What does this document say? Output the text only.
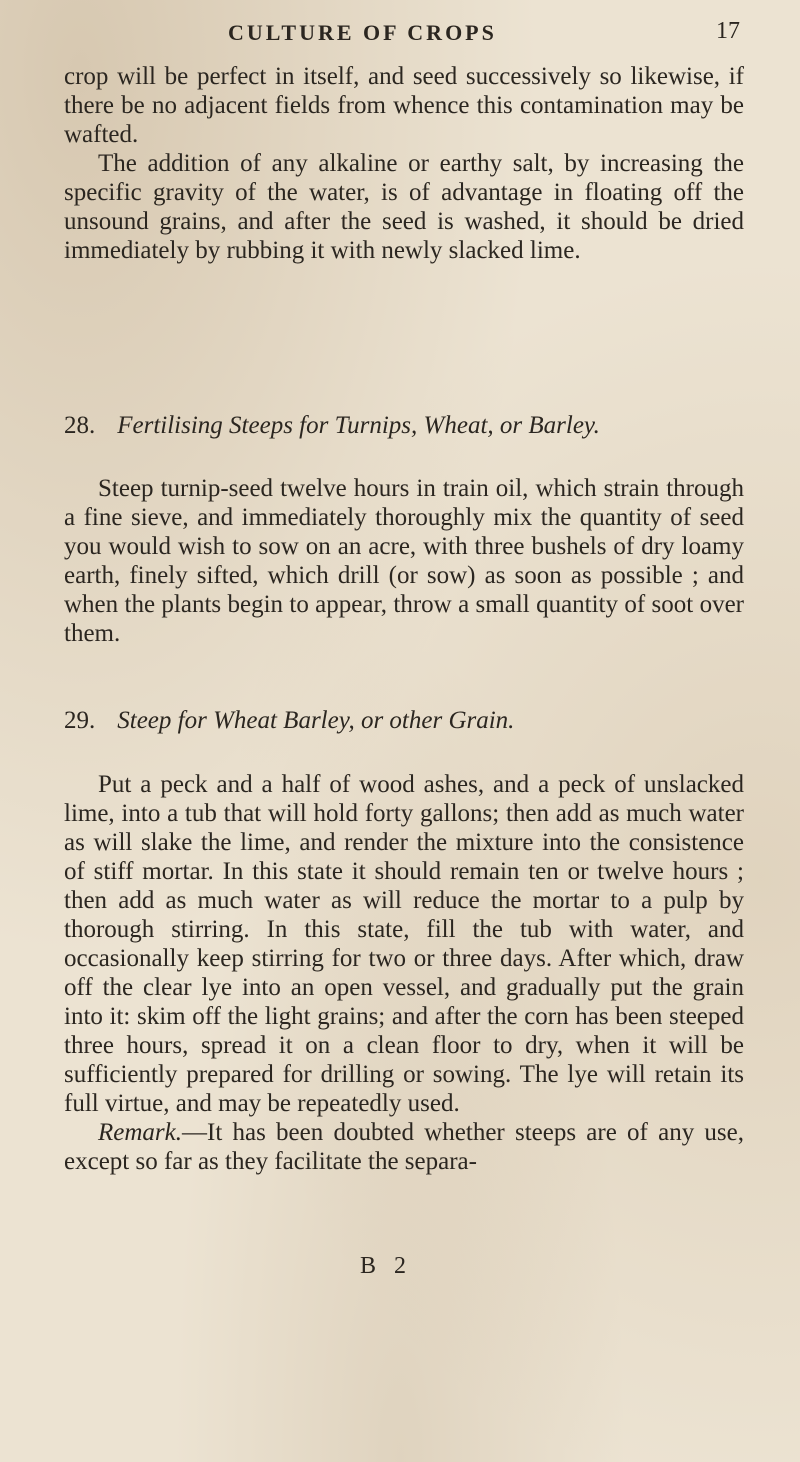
CULTURE OF CROPS	17

crop will be perfect in itself, and seed successively so likewise, if there be no adjacent fields from whence this contamination may be wafted.

The addition of any alkaline or earthy salt, by increasing the specific gravity of the water, is of advantage in floating off the unsound grains, and after the seed is washed, it should be dried immediately by rubbing it with newly slacked lime.

28. Fertilising Steeps for Turnips, Wheat, or Barley.

Steep turnip-seed twelve hours in train oil, which strain through a fine sieve, and immediately thoroughly mix the quantity of seed you would wish to sow on an acre, with three bushels of dry loamy earth, finely sifted, which drill (or sow) as soon as possible ; and when the plants begin to appear, throw a small quantity of soot over them.

29. Steep for Wheat Barley, or other Grain.

Put a peck and a half of wood ashes, and a peck of unslacked lime, into a tub that will hold forty gallons; then add as much water as will slake the lime, and render the mixture into the consistence of stiff mortar. In this state it should remain ten or twelve hours ; then add as much water as will reduce the mortar to a pulp by thorough stirring. In this state, fill the tub with water, and occasionally keep stirring for two or three days. After which, draw off the clear lye into an open vessel, and gradually put the grain into it: skim off the light grains; and after the corn has been steeped three hours, spread it on a clean floor to dry, when it will be sufficiently prepared for drilling or sowing. The lye will retain its full virtue, and may be repeatedly used.

Remark.—It has been doubted whether steeps are of any use, except so far as they facilitate the separa-

B 2
